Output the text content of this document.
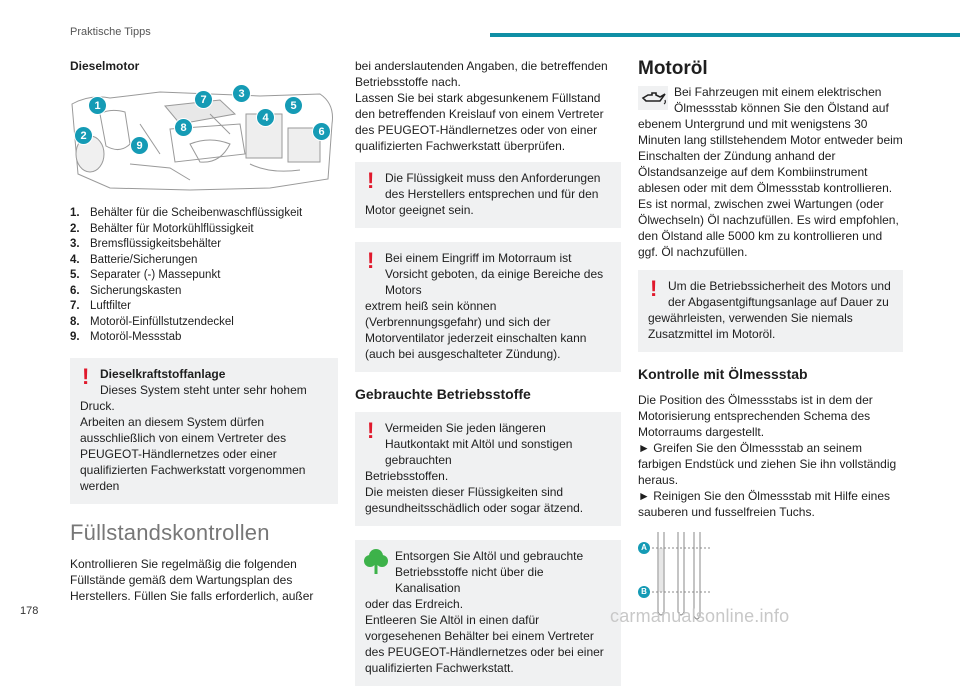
Praktische Tipps
Dieselmotor
1
2
3
4
5
6
7
8
9
1. Behälter für die Scheibenwaschflüssigkeit
2. Behälter für Motorkühlflüssigkeit
3. Bremsflüssigkeitsbehälter
4. Batterie/Sicherungen
5. Separater (-) Massepunkt
6. Sicherungskasten
7. Luftfilter
8. Motoröl-Einfüllstutzendeckel
9. Motoröl-Messstab
! Dieselkraftstoffanlage

Dieses System steht unter sehr hohem

Druck.
Arbeiten an diesem System dürfen ausschließlich von einem Vertreter des PEUGEOT-Händlernetzes oder einer qualifizierten Fachwerkstatt vorgenommen werden

Füllstandskontrollen

Kontrollieren Sie regelmäßig die folgenden Füllstände gemäß dem Wartungsplan des Herstellers. Füllen Sie falls erforderlich, außer

bei anderslautenden Angaben, die betreffenden Betriebsstoffe nach.
Lassen Sie bei stark abgesunkenem Füllstand den betreffenden Kreislauf von einem Vertreter des PEUGEOT-Händlernetzes oder von einer qualifizierten Fachwerkstatt überprüfen.

! Die Flüssigkeit muss den Anforderungen des Herstellers entsprechen und für den

Motor geeignet sein.

! Bei einem Eingriff im Motorraum ist Vorsicht geboten, da einige Bereiche des Motors

extrem heiß sein können (Verbrennungsgefahr) und sich der Motorventilator jederzeit einschalten kann (auch bei ausgeschalteter Zündung).

Gebrauchte Betriebsstoffe
! Vermeiden Sie jeden längeren Hautkontakt mit Altöl und sonstigen gebrauchten

Betriebsstoffen.
Die meisten dieser Flüssigkeiten sind gesundheitsschädlich oder sogar ätzend.

Entsorgen Sie Altöl und gebrauchte Betriebsstoffe nicht über die Kanalisation

oder das Erdreich.
Entleeren Sie Altöl in einen dafür vorgesehenen Behälter bei einem Vertreter des PEUGEOT-Händlernetzes oder bei einer qualifizierten Fachwerkstatt.

Motoröl

Bei Fahrzeugen mit einem elektrischen Ölmessstab können Sie den Ölstand auf

ebenem Untergrund und mit wenigstens 30 Minuten lang stillstehendem Motor entweder beim Einschalten der Zündung anhand der Ölstandsanzeige auf dem Kombiinstrument ablesen oder mit dem Ölmessstab kontrollieren.
Es ist normal, zwischen zwei Wartungen (oder Ölwechseln) Öl nachzufüllen. Es wird empfohlen, den Ölstand alle 5000 km zu kontrollieren und ggf. Öl nachzufüllen.

! Um die Betriebssicherheit des Motors und der Abgasentgiftungsanlage auf Dauer zu

gewährleisten, verwenden Sie niemals Zusatzmittel im Motoröl.

Kontrolle mit Ölmessstab

Die Position des Ölmessstabs ist in dem der Motorisierung entsprechenden Schema des Motorraums dargestellt.

► Greifen Sie den Ölmessstab an seinem farbigen Endstück und ziehen Sie ihn vollständig heraus.

► Reinigen Sie den Ölmessstab mit Hilfe eines sauberen und fusselfreien Tuchs.

A
B
178	carmanualsonline.info
